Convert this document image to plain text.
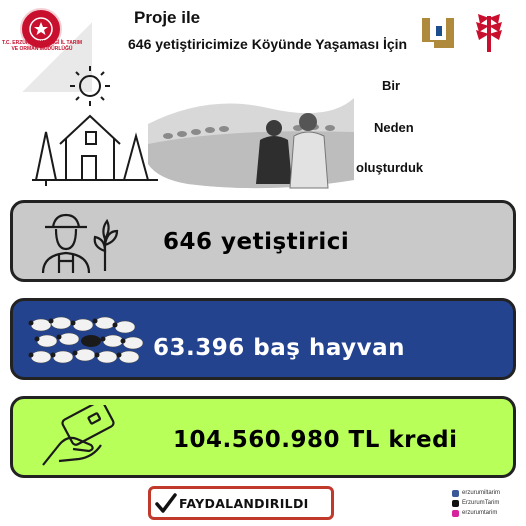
T.C. ERZURUM VALİLİĞİ İL TARIM VE ORMAN MÜDÜRLÜĞÜ
Proje ile
646 yetiştiricimize Köyünde Yaşaması İçin
Bir
Neden
oluşturduk
646 yetiştirici
63.396 baş hayvan
104.560.980 TL kredi
FAYDALANDIRILDI
erzurumiltarim
ErzurumTarim
erzurumtarim
